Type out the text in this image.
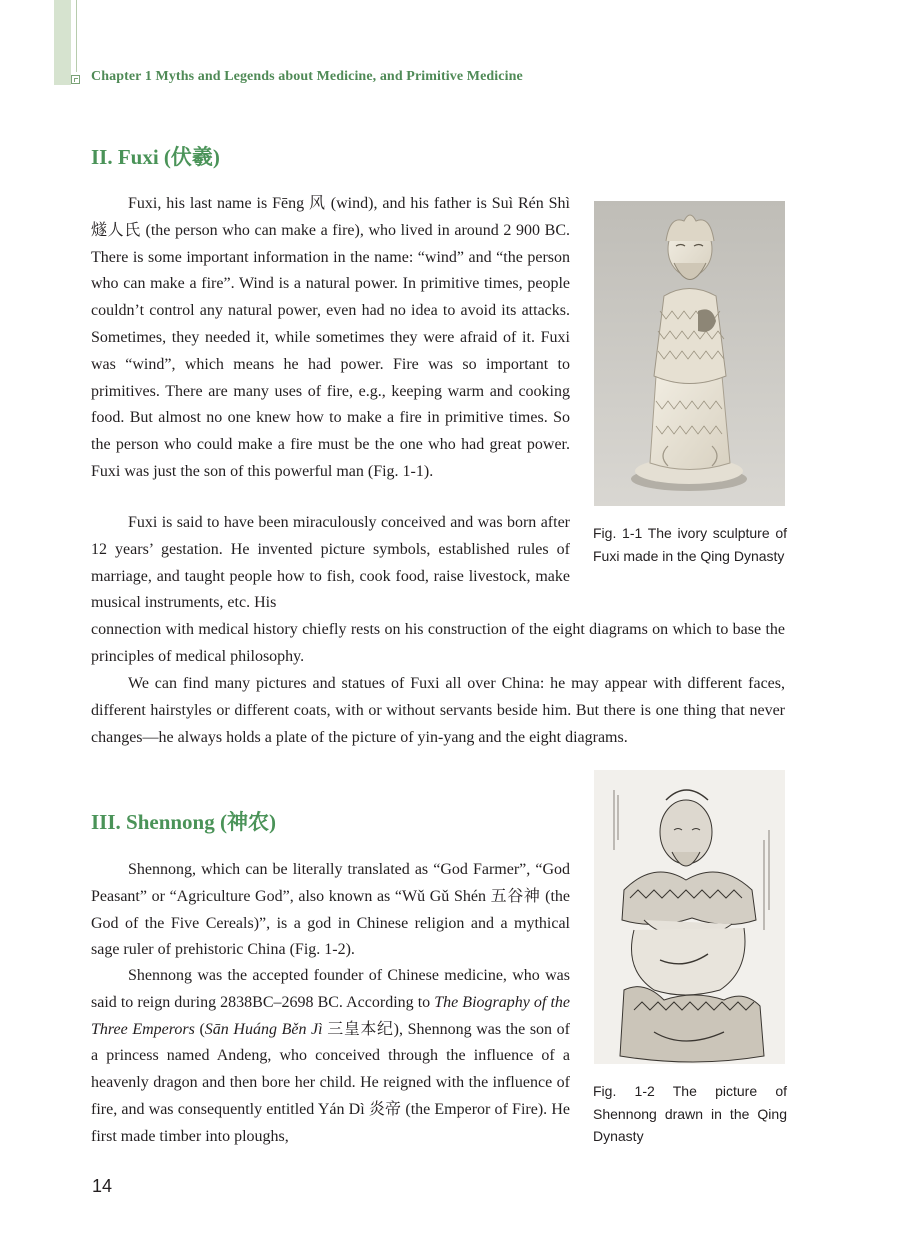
Chapter 1 Myths and Legends about Medicine, and Primitive Medicine
II. Fuxi (伏羲)

Fuxi, his last name is Fēng 风 (wind), and his father is Suì Rén Shì 燧人氏 (the person who can make a fire), who lived in around 2 900 BC. There is some important information in the name: “wind” and “the person who can make a fire”. Wind is a natural power. In primitive times, people couldn’t control any natural power, even had no idea to avoid its attacks. Sometimes, they needed it, while sometimes they were afraid of it. Fuxi was “wind”, which means he had power. Fire was so important to primitives. There are many uses of fire, e.g., keeping warm and cooking food. But almost no one knew how to make a fire in primitive times. So the person who could make a fire must be the one who had great power. Fuxi was just the son of this powerful man (Fig. 1-1).

Fuxi is said to have been miraculously conceived and was born after 12 years’ gestation. He invented picture symbols, established rules of marriage, and taught people how to fish, cook food, raise livestock, make musical instruments, etc. His

connection with medical history chiefly rests on his construction of the eight diagrams on which to base the principles of medical philosophy.

We can find many pictures and statues of Fuxi all over China: he may appear with different faces, different hairstyles or different coats, with or without servants beside him. But there is one thing that never changes—he always holds a plate of the picture of yin-yang and the eight diagrams.

Fig. 1-1 The ivory sculpture of Fuxi made in the Qing Dynasty

III. Shennong (神农)

Shennong, which can be literally translated as “God Farmer”, “God Peasant” or “Agriculture God”, also known as “Wǔ Gǔ Shén 五谷神 (the God of the Five Cereals)”, is a god in Chinese religion and a mythical sage ruler of prehistoric China (Fig. 1-2).

Shennong was the accepted founder of Chinese medicine, who was said to reign during 2838BC–2698 BC. According to The Biography of the Three Emperors (Sān Huáng Běn Jì 三皇本纪), Shennong was the son of a princess named Andeng, who conceived through the influence of a heavenly dragon and then bore her child. He reigned with the influence of fire, and was consequently entitled Yán Dì 炎帝 (the Emperor of Fire). He first made timber into ploughs,

Fig. 1-2 The picture of Shennong drawn in the Qing Dynasty

14
